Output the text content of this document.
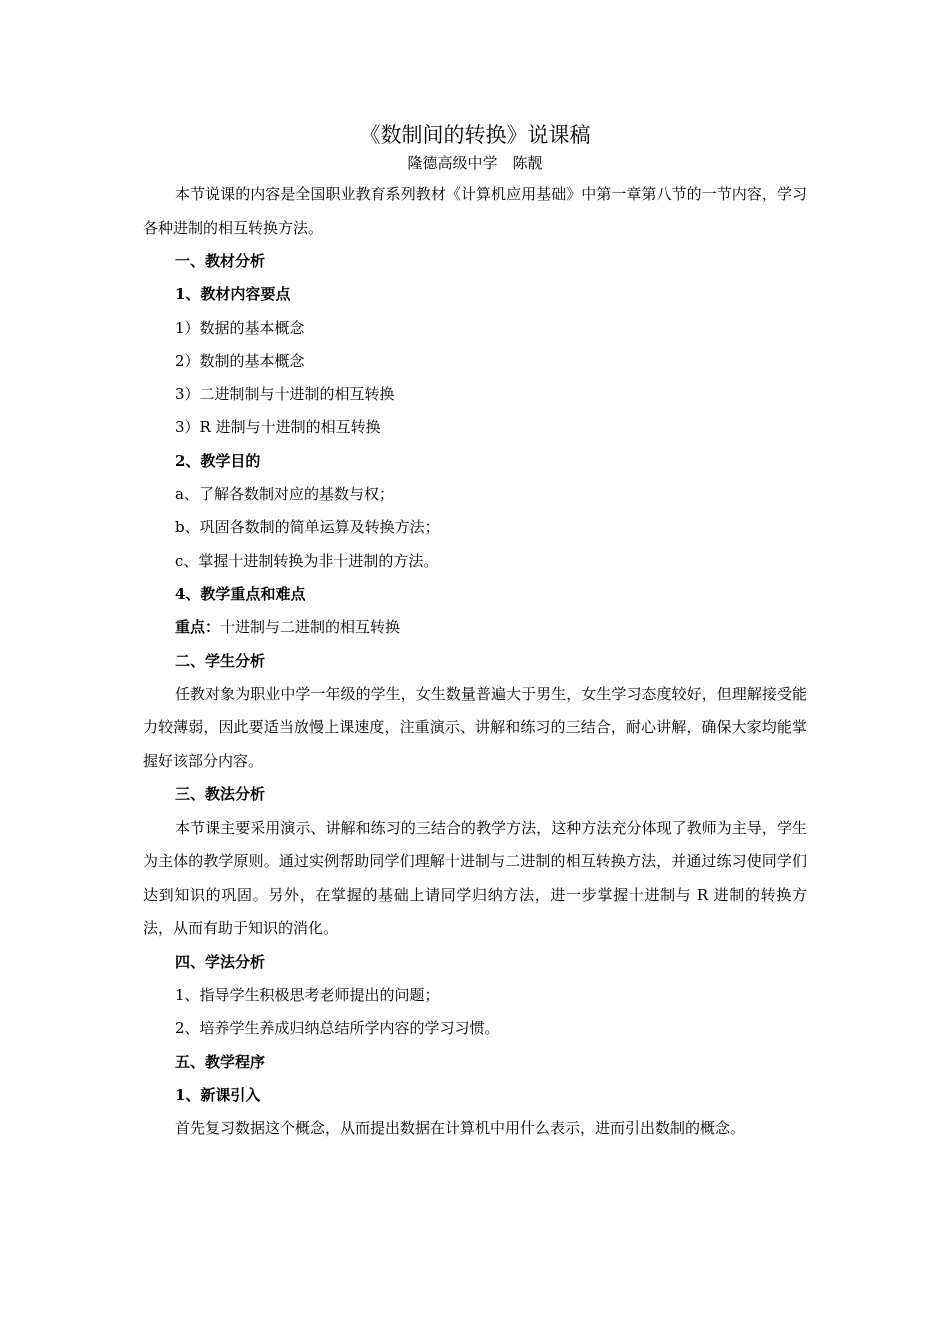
《数制间的转换》说课稿
隆德高级中学　陈靓

本节说课的内容是全国职业教育系列教材《计算机应用基础》中第一章第八节的一节内容，学习各种进制的相互转换方法。

一、教材分析
1、教材内容要点
1）数据的基本概念
2）数制的基本概念
3）二进制制与十进制的相互转换
3）R 进制与十进制的相互转换
2、教学目的
a、了解各数制对应的基数与权；
b、巩固各数制的简单运算及转换方法；
c、掌握十进制转换为非十进制的方法。
4、教学重点和难点
重点：十进制与二进制的相互转换
二、学生分析

任教对象为职业中学一年级的学生，女生数量普遍大于男生，女生学习态度较好，但理解接受能力较薄弱，因此要适当放慢上课速度，注重演示、讲解和练习的三结合，耐心讲解，确保大家均能掌握好该部分内容。

三、教法分析

本节课主要采用演示、讲解和练习的三结合的教学方法，这种方法充分体现了教师为主导，学生为主体的教学原则。通过实例帮助同学们理解十进制与二进制的相互转换方法，并通过练习使同学们达到知识的巩固。另外，在掌握的基础上请同学归纳方法，进一步掌握十进制与 R 进制的转换方法，从而有助于知识的消化。

四、学法分析
1、指导学生积极思考老师提出的问题；
2、培养学生养成归纳总结所学内容的学习习惯。
五、教学程序
1、新课引入

首先复习数据这个概念，从而提出数据在计算机中用什么表示，进而引出数制的概念。
